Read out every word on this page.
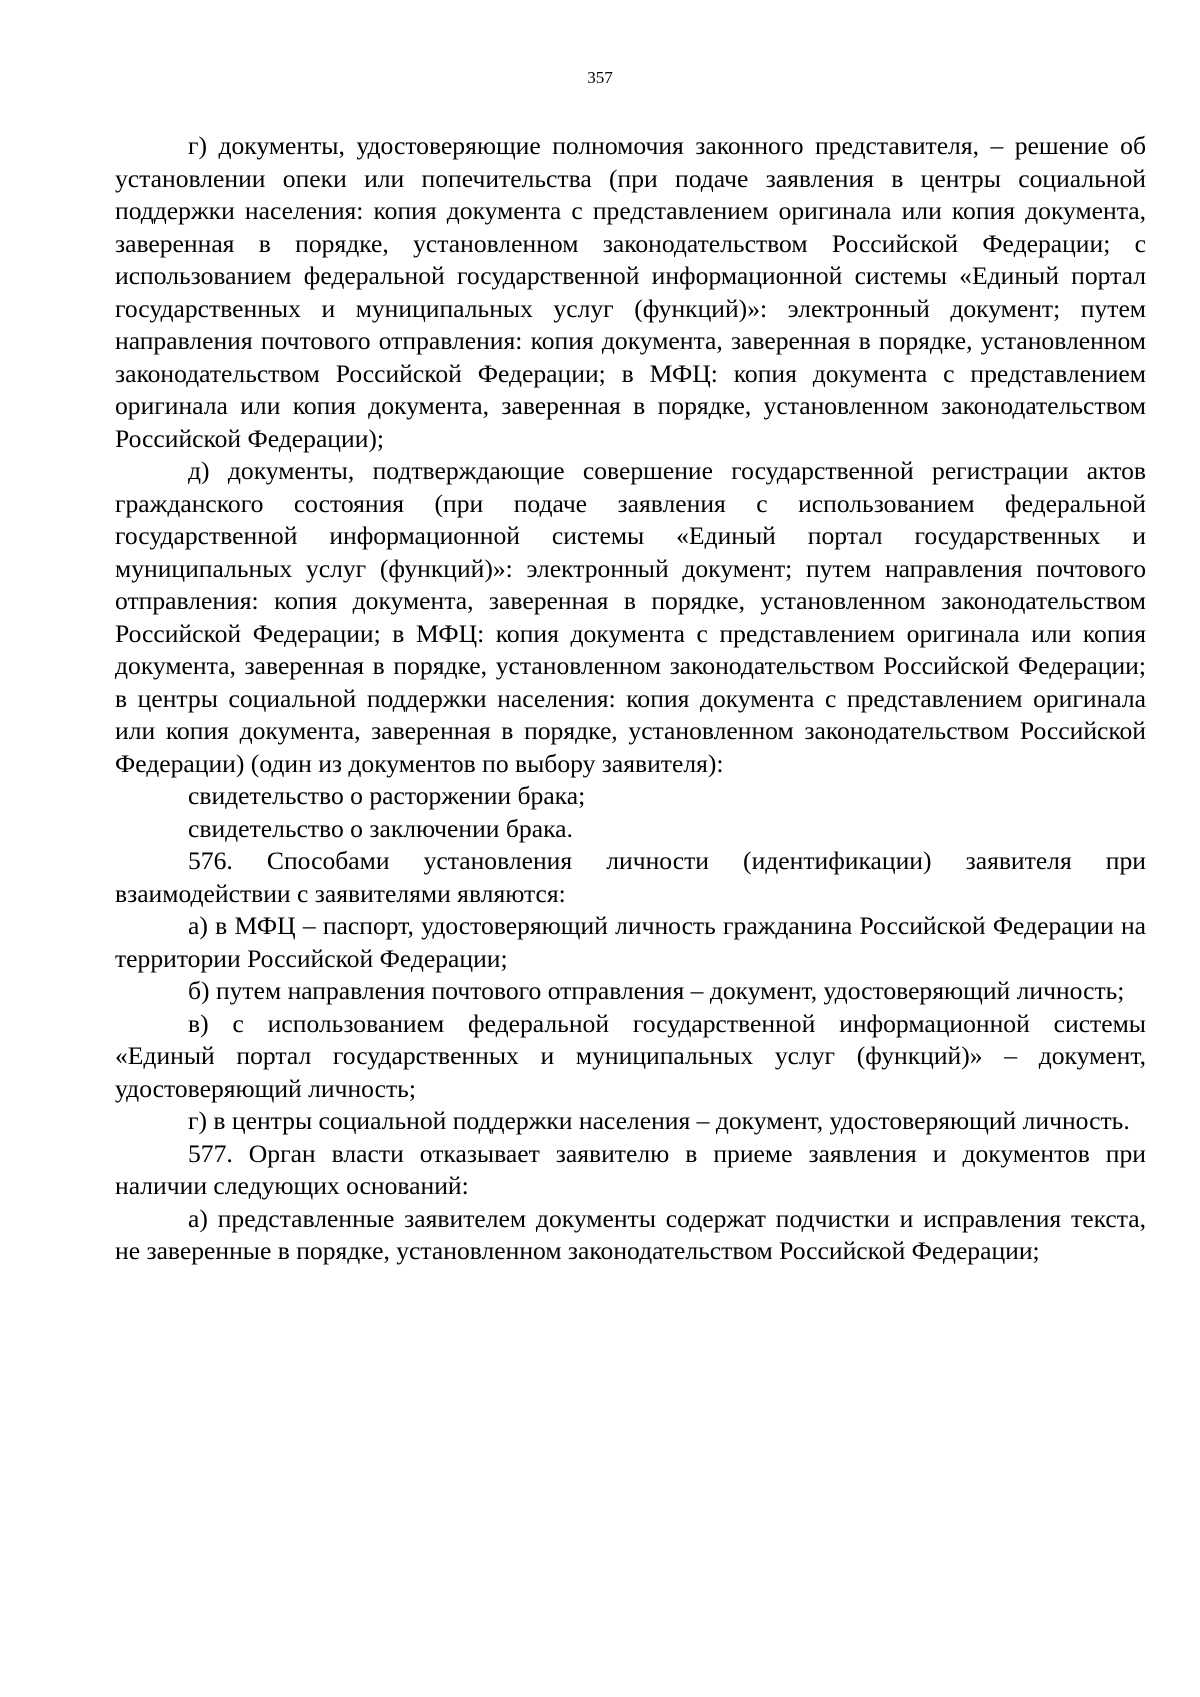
357

г) документы, удостоверяющие полномочия законного представителя, – решение об установлении опеки или попечительства (при подаче заявления в центры социальной поддержки населения: копия документа с представлением оригинала или копия документа, заверенная в порядке, установленном законодательством Российской Федерации; с использованием федеральной государственной информационной системы «Единый портал государственных и муниципальных услуг (функций)»: электронный документ; путем направления почтового отправления: копия документа, заверенная в порядке, установленном законодательством Российской Федерации; в МФЦ: копия документа с представлением оригинала или копия документа, заверенная в порядке, установленном законодательством Российской Федерации);

д) документы, подтверждающие совершение государственной регистрации актов гражданского состояния (при подаче заявления с использованием федеральной государственной информационной системы «Единый портал государственных и муниципальных услуг (функций)»: электронный документ; путем направления почтового отправления: копия документа, заверенная в порядке, установленном законодательством Российской Федерации; в МФЦ: копия документа с представлением оригинала или копия документа, заверенная в порядке, установленном законодательством Российской Федерации; в центры социальной поддержки населения: копия документа с представлением оригинала или копия документа, заверенная в порядке, установленном законодательством Российской Федерации) (один из документов по выбору заявителя):

свидетельство о расторжении брака;

свидетельство о заключении брака.

576. Способами установления личности (идентификации) заявителя при взаимодействии с заявителями являются:

а) в МФЦ – паспорт, удостоверяющий личность гражданина Российской Федерации на территории Российской Федерации;

б) путем направления почтового отправления – документ, удостоверяющий личность;

в) с использованием федеральной государственной информационной системы «Единый портал государственных и муниципальных услуг (функций)» – документ, удостоверяющий личность;

г) в центры социальной поддержки населения – документ, удостоверяющий личность.

577. Орган власти отказывает заявителю в приеме заявления и документов при наличии следующих оснований:

а) представленные заявителем документы содержат подчистки и исправления текста, не заверенные в порядке, установленном законодательством Российской Федерации;
